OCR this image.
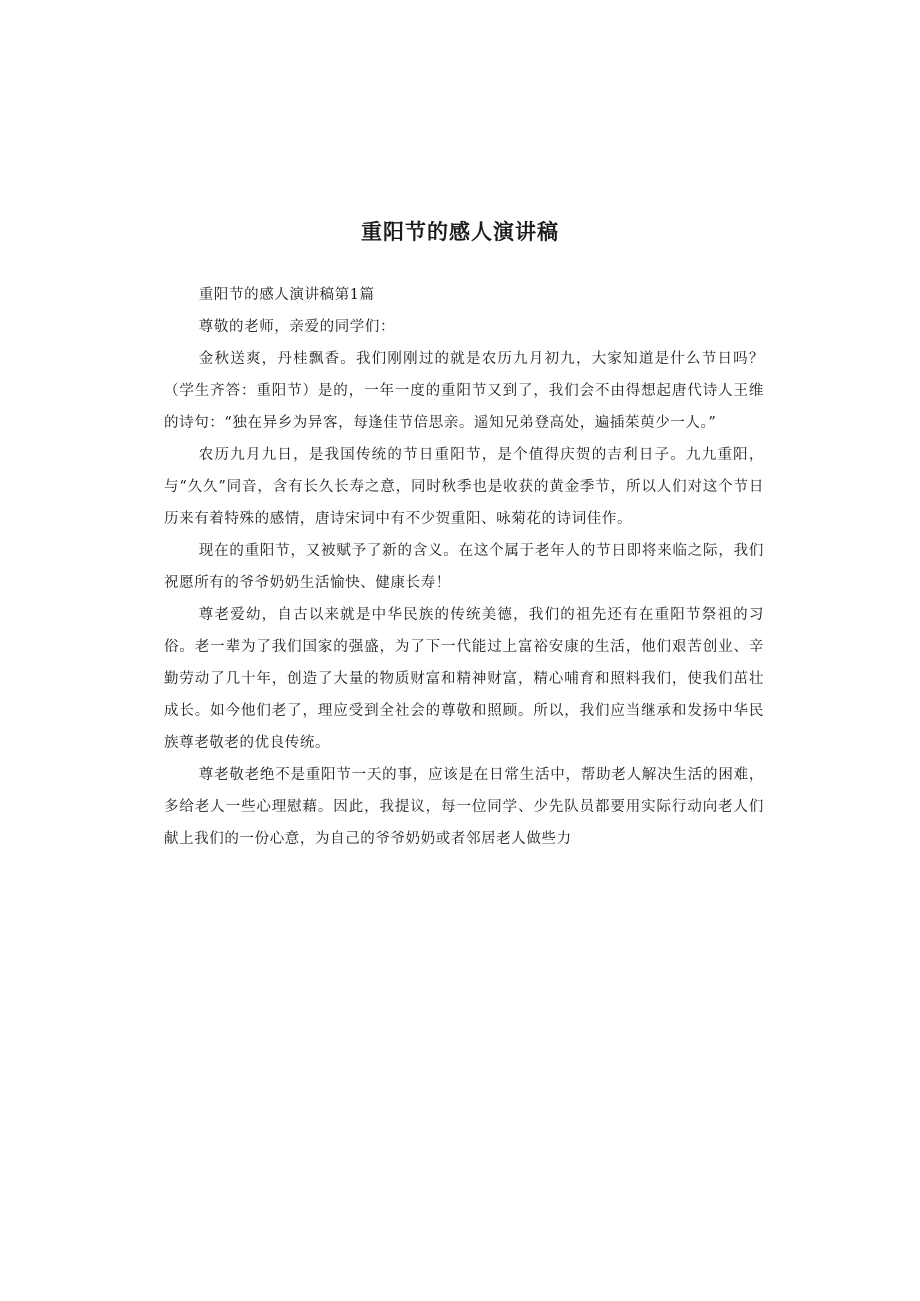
重阳节的感人演讲稿

重阳节的感人演讲稿第1篇

尊敬的老师，亲爱的同学们：

金秋送爽，丹桂飘香。我们刚刚过的就是农历九月初九，大家知道是什么节日吗？（学生齐答：重阳节）是的，一年一度的重阳节又到了，我们会不由得想起唐代诗人王维的诗句：“独在异乡为异客，每逢佳节倍思亲。遥知兄弟登高处，遍插茱萸少一人。”

农历九月九日，是我国传统的节日重阳节，是个值得庆贺的吉利日子。九九重阳，与“久久”同音，含有长久长寿之意，同时秋季也是收获的黄金季节，所以人们对这个节日历来有着特殊的感情，唐诗宋词中有不少贺重阳、咏菊花的诗词佳作。

现在的重阳节，又被赋予了新的含义。在这个属于老年人的节日即将来临之际，我们祝愿所有的爷爷奶奶生活愉快、健康长寿！

尊老爱幼，自古以来就是中华民族的传统美德，我们的祖先还有在重阳节祭祖的习俗。老一辈为了我们国家的强盛，为了下一代能过上富裕安康的生活，他们艰苦创业、辛勤劳动了几十年，创造了大量的物质财富和精神财富，精心哺育和照料我们，使我们茁壮成长。如今他们老了，理应受到全社会的尊敬和照顾。所以，我们应当继承和发扬中华民族尊老敬老的优良传统。

尊老敬老绝不是重阳节一天的事，应该是在日常生活中，帮助老人解决生活的困难，多给老人一些心理慰藉。因此，我提议，每一位同学、少先队员都要用实际行动向老人们献上我们的一份心意，为自己的爷爷奶奶或者邻居老人做些力
